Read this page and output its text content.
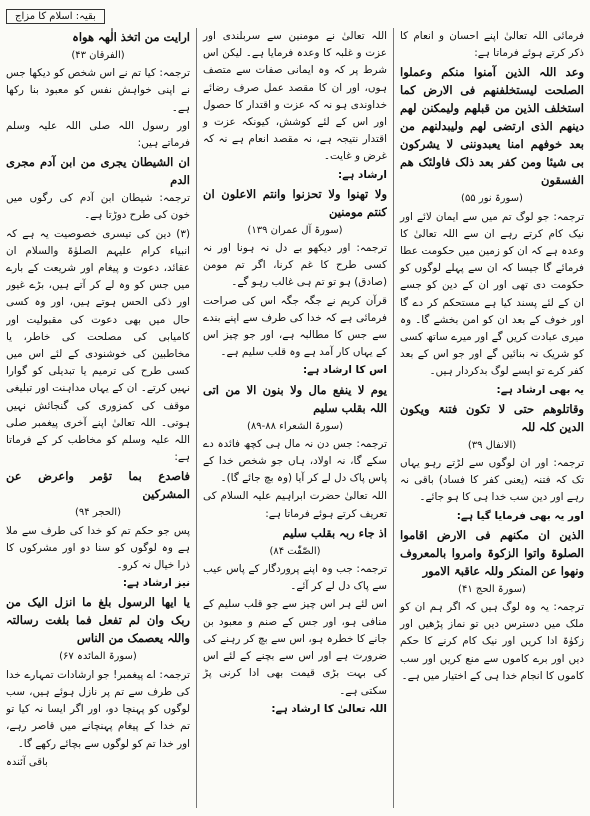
بقیہ: اسلام کا مزاج

فرمائی اللہ تعالیٰ اپنے احسان و انعام کا ذکر کرتے ہوئے فرماتا ہے:

وعد اللہ الذین آمنوا منکم وعملوا الصلحت لیستخلفنھم فی الارض کما استخلف الذین من قبلھم ولیمکنن لھم دینھم الذی ارتضی لھم ولیبدلنھم من بعد خوفھم امنا یعبدوننی لا یشرکون بی شیئا ومن کفر بعد ذلک فاولئک ھم الفسقون

(سورۃ نور ۵۵)

ترجمہ: جو لوگ تم میں سے ایمان لائے اور نیک کام کرتے رہے ان سے اللہ تعالیٰ کا وعدہ ہے کہ ان کو زمین میں حکومت عطا فرمائے گا جیسا کہ ان سے پہلے لوگوں کو حکومت دی تھی اور ان کے دین کو جسے ان کے لئے پسند کیا ہے مستحکم کر دے گا اور خوف کے بعد ان کو امن بخشے گا۔ وہ میری عبادت کریں گے اور میرے ساتھ کسی کو شریک نہ بنائیں گے اور جو اس کے بعد کفر کرے تو ایسے لوگ بدکردار ہیں۔

یہ بھی ارشاد ہے:

وقاتلوھم حتی لا تکون فتنۃ ویکون الدین کلہ للہ

(الانفال ۳۹)

ترجمہ: اور ان لوگوں سے لڑتے رہو یہاں تک کہ فتنہ (یعنی کفر کا فساد) باقی نہ رہے اور دین سب خدا ہی کا ہو جائے۔

اور یہ بھی فرمایا گیا ہے:

الذین ان مکنھم فی الارض اقاموا الصلوۃ واتوا الزکوۃ وامروا بالمعروف ونھوا عن المنکر وللہ عاقبۃ الامور

(سورۃ الحج ۴۱)

ترجمہ: یہ وہ لوگ ہیں کہ اگر ہم ان کو ملک میں دسترس دیں تو نماز پڑھیں اور زکوٰۃ ادا کریں اور نیک کام کرنے کا حکم دیں اور برے کاموں سے منع کریں اور سب کاموں کا انجام خدا ہی کے اختیار میں ہے۔

اللہ تعالیٰ نے مومنین سے سربلندی اور عزت و غلبہ کا وعدہ فرمایا ہے۔ لیکن اس شرط پر کہ وہ ایمانی صفات سے متصف ہوں، اور ان کا مقصد عمل صرف رضائے خداوندی ہو نہ کہ عزت و اقتدار کا حصول اور اس کے لئے کوشش، کیونکہ عزت و اقتدار نتیجہ ہے، نہ مقصد انعام ہے نہ کہ غرض و غایت۔

ارشاد ہے:

ولا تھنوا ولا تحزنوا وانتم الاعلون ان کنتم مومنین

(سورۃ آل عمران ۱۳۹)

ترجمہ: اور دیکھو بے دل نہ ہونا اور نہ کسی طرح کا غم کرنا، اگر تم مومن (صادق) ہو تو تم ہی غالب رہو گے۔

قرآن کریم نے جگہ جگہ اس کی صراحت فرمائی ہے کہ خدا کی طرف سے اپنے بندے سے جس کا مطالبہ ہے، اور جو چیز اس کے یہاں کار آمد ہے وہ قلب سلیم ہے۔

اس کا ارشاد ہے:

یوم لا ینفع مال ولا بنون الا من اتی اللہ بقلب سلیم

(سورۃ الشعراء ۸۸-۸۹)

ترجمہ: جس دن نہ مال ہی کچھ فائدہ دے سکے گا، نہ اولاد، ہاں جو شخص خدا کے پاس پاک دل لے کر آیا (وہ بچ جائے گا)۔

اللہ تعالیٰ حضرت ابراہیم علیہ السلام کی تعریف کرتے ہوئے فرماتا ہے:

اذ جاء ربہ بقلب سلیم

(الصّٰفّٰت ۸۴)

ترجمہ: جب وہ اپنے پروردگار کے پاس عیب سے پاک دل لے کر آئے۔

اس لئے ہر اس چیز سے جو قلب سلیم کے منافی ہو، اور جس کے صنم و معبود بن جانے کا خطرہ ہو، اس سے بچ کر رہنے کی ضرورت ہے اور اس سے بچنے کے لئے اس کی بہت بڑی قیمت بھی ادا کرنی پڑ سکتی ہے۔

اللہ تعالیٰ کا ارشاد ہے:

ارایت من اتخذ الٰھہ ھواہ

(الفرقان ۴۳)

ترجمہ: کیا تم نے اس شخص کو دیکھا جس نے اپنی خواہش نفس کو معبود بنا رکھا ہے۔

اور رسول اللہ صلی اللہ علیہ وسلم فرماتے ہیں:

ان الشیطان یجری من ابن آدم مجری الدم

ترجمہ: شیطان ابن آدم کی رگوں میں خون کی طرح دوڑتا ہے۔

(۳) دین کی تیسری خصوصیت یہ ہے کہ انبیاء کرام علیہم الصلوٰۃ والسلام ان عقائد، دعوت و پیغام اور شریعت کے بارے میں جس کو وہ لے کر آتے ہیں، بڑے غیور اور ذکی الحس ہوتے ہیں، اور وہ کسی حال میں بھی دعوت کی مقبولیت اور کامیابی کی مصلحت کی خاطر، یا مخاطبین کی خوشنودی کے لئے اس میں کسی طرح کی ترمیم یا تبدیلی کو گوارا نہیں کرتے۔ ان کے یہاں مداہنت اور تبلیغی موقف کی کمزوری کی گنجائش نہیں ہوتی۔ اللہ تعالیٰ اپنے آخری پیغمبر صلی اللہ علیہ وسلم کو مخاطب کر کے فرماتا ہے:

فاصدع بما تؤمر واعرض عن المشرکین

(الحجر ۹۴)

پس جو حکم تم کو خدا کی طرف سے ملا ہے وہ لوگوں کو سنا دو اور مشرکوں کا ذرا خیال نہ کرو۔

نیز ارشاد ہے:

یا ایھا الرسول بلغ ما انزل الیک من ربک وان لم تفعل فما بلغت رسالتہ واللہ یعصمک من الناس

(سورۃ المائدہ ۶۷)

ترجمہ: اے پیغمبر! جو ارشادات تمہارے خدا کی طرف سے تم پر نازل ہوئے ہیں، سب لوگوں کو پہنچا دو، اور اگر ایسا نہ کیا تو تم خدا کے پیغام پہنچانے میں قاصر رہے، اور خدا تم کو لوگوں سے بچائے رکھے گا۔

باقی آئندہ
